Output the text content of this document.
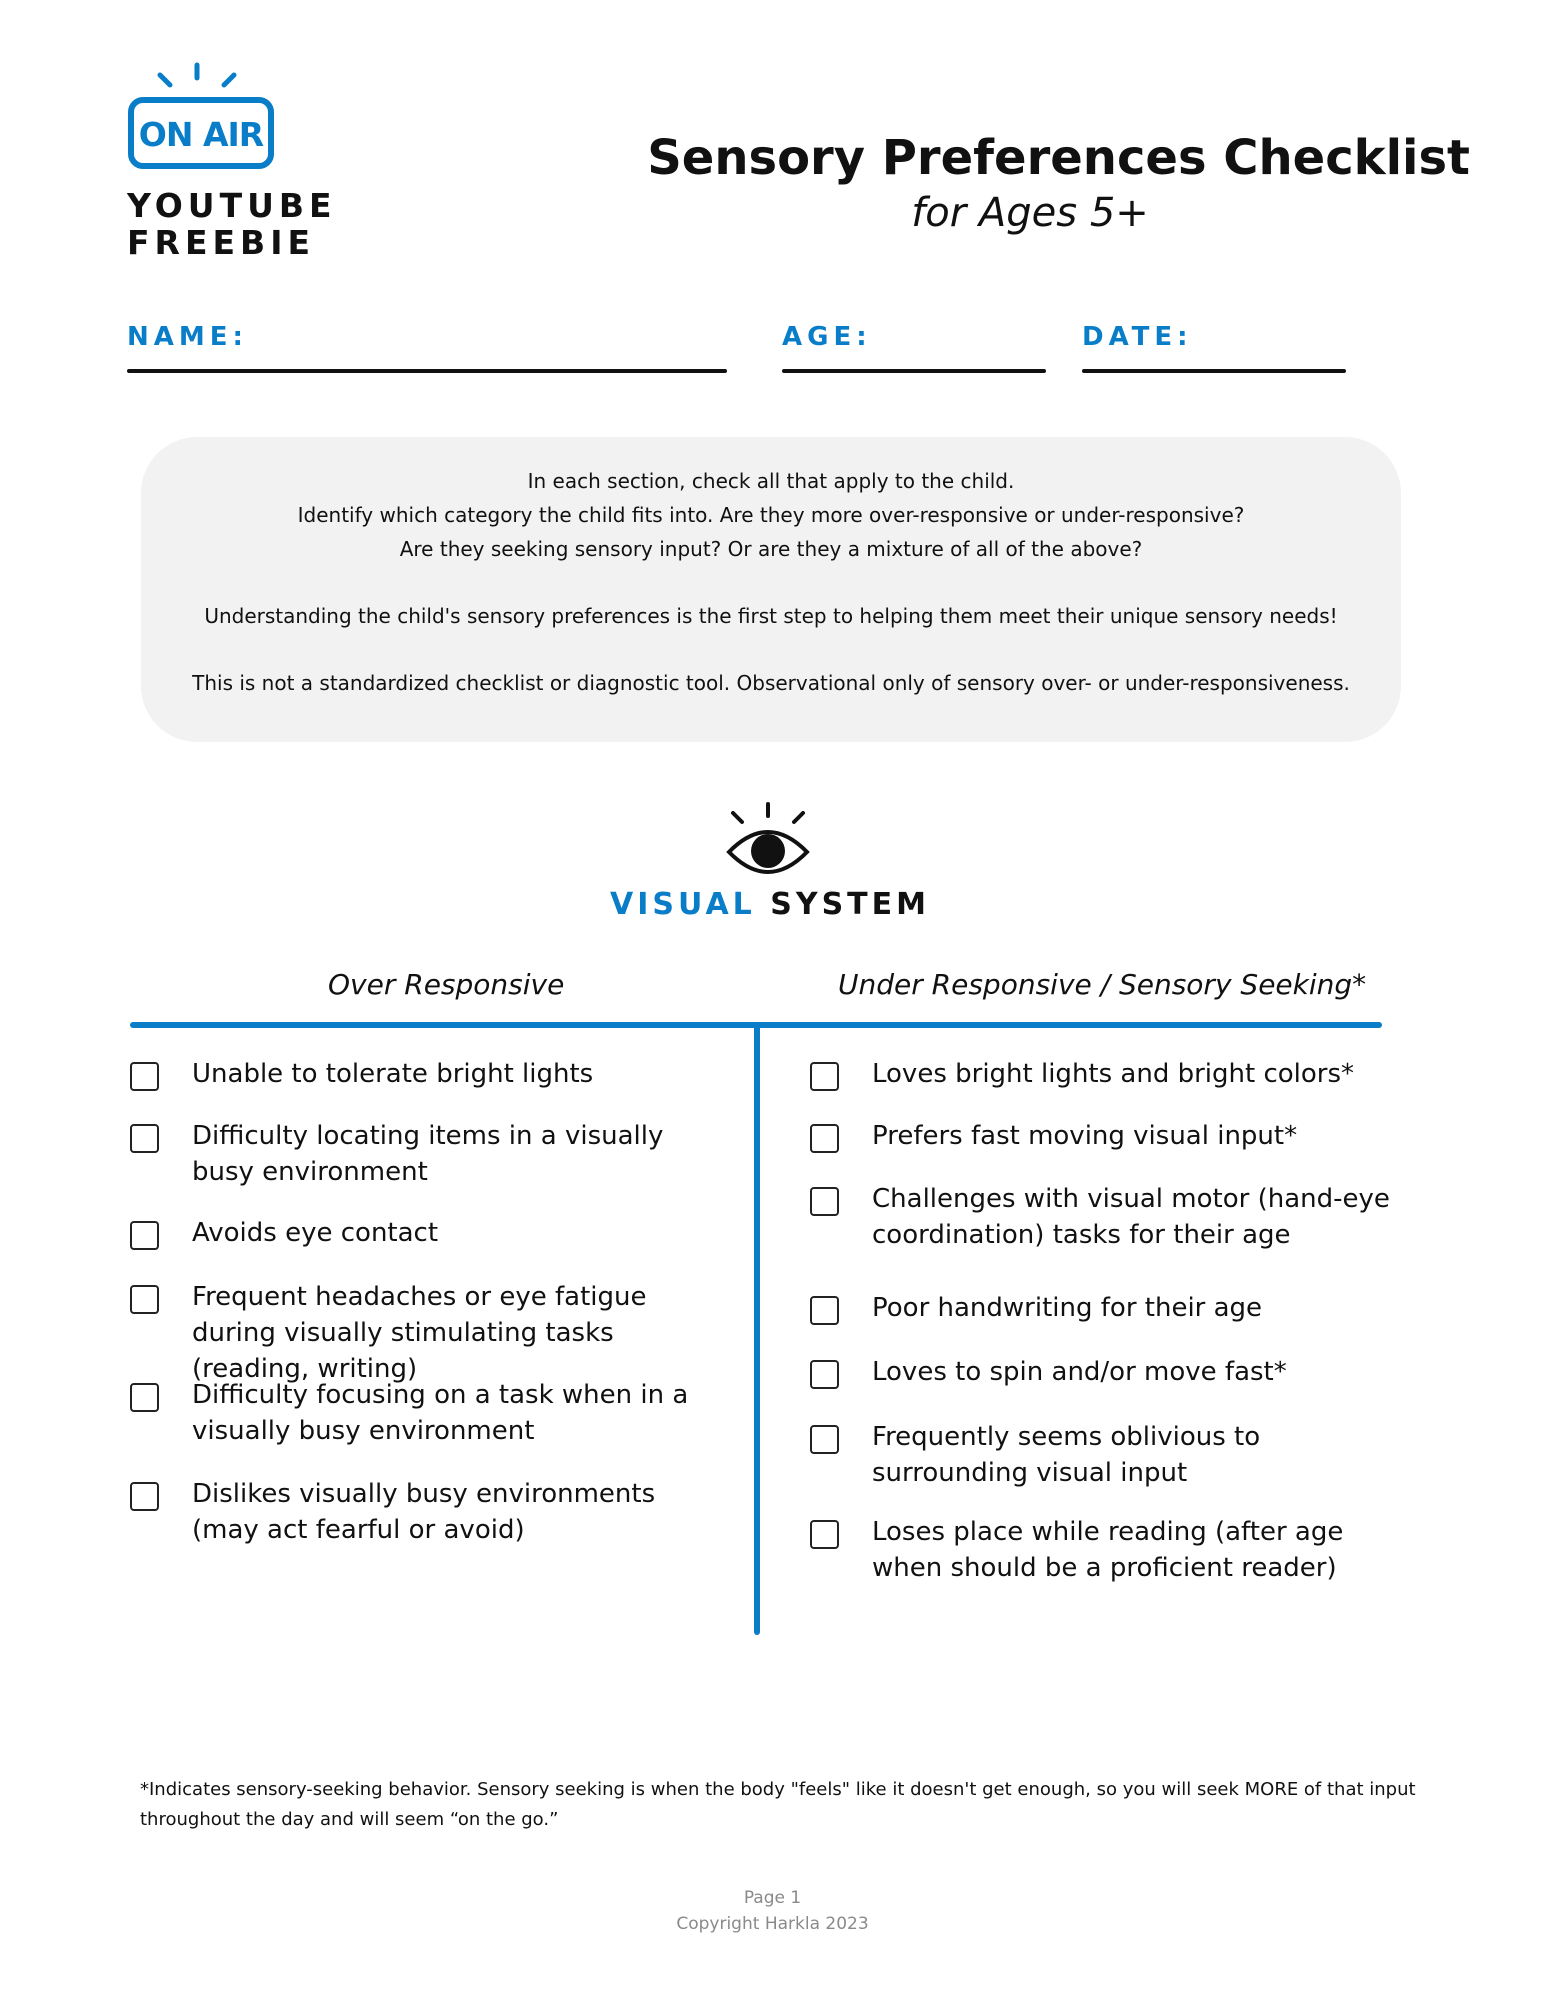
ON AIR
YOUTUBE
FREEBIE
Sensory Preferences Checklist
for Ages 5+
NAME:	AGE:	DATE:
In each section, check all that apply to the child.
Identify which category the child fits into. Are they more over-responsive or under-responsive?
Are they seeking sensory input? Or are they a mixture of all of the above?
Understanding the child's sensory preferences is the first step to helping them meet their unique sensory needs!
This is not a standardized checklist or diagnostic tool. Observational only of sensory over- or under-responsiveness.
VISUAL SYSTEM
Over Responsive	Under Responsive / Sensory Seeking*
Unable to tolerate bright lights
Difficulty locating items in a visually busy environment
Avoids eye contact
Frequent headaches or eye fatigue during visually stimulating tasks (reading, writing)
Difficulty focusing on a task when in a visually busy environment
Dislikes visually busy environments (may act fearful or avoid)
Loves bright lights and bright colors*
Prefers fast moving visual input*
Challenges with visual motor (hand-eye coordination) tasks for their age
Poor handwriting for their age
Loves to spin and/or move fast*
Frequently seems oblivious to surrounding visual input
Loses place while reading (after age when should be a proficient reader)
*Indicates sensory-seeking behavior. Sensory seeking is when the body "feels" like it doesn't get enough, so you will seek MORE of that input throughout the day and will seem “on the go.”
Page 1
Copyright Harkla 2023
